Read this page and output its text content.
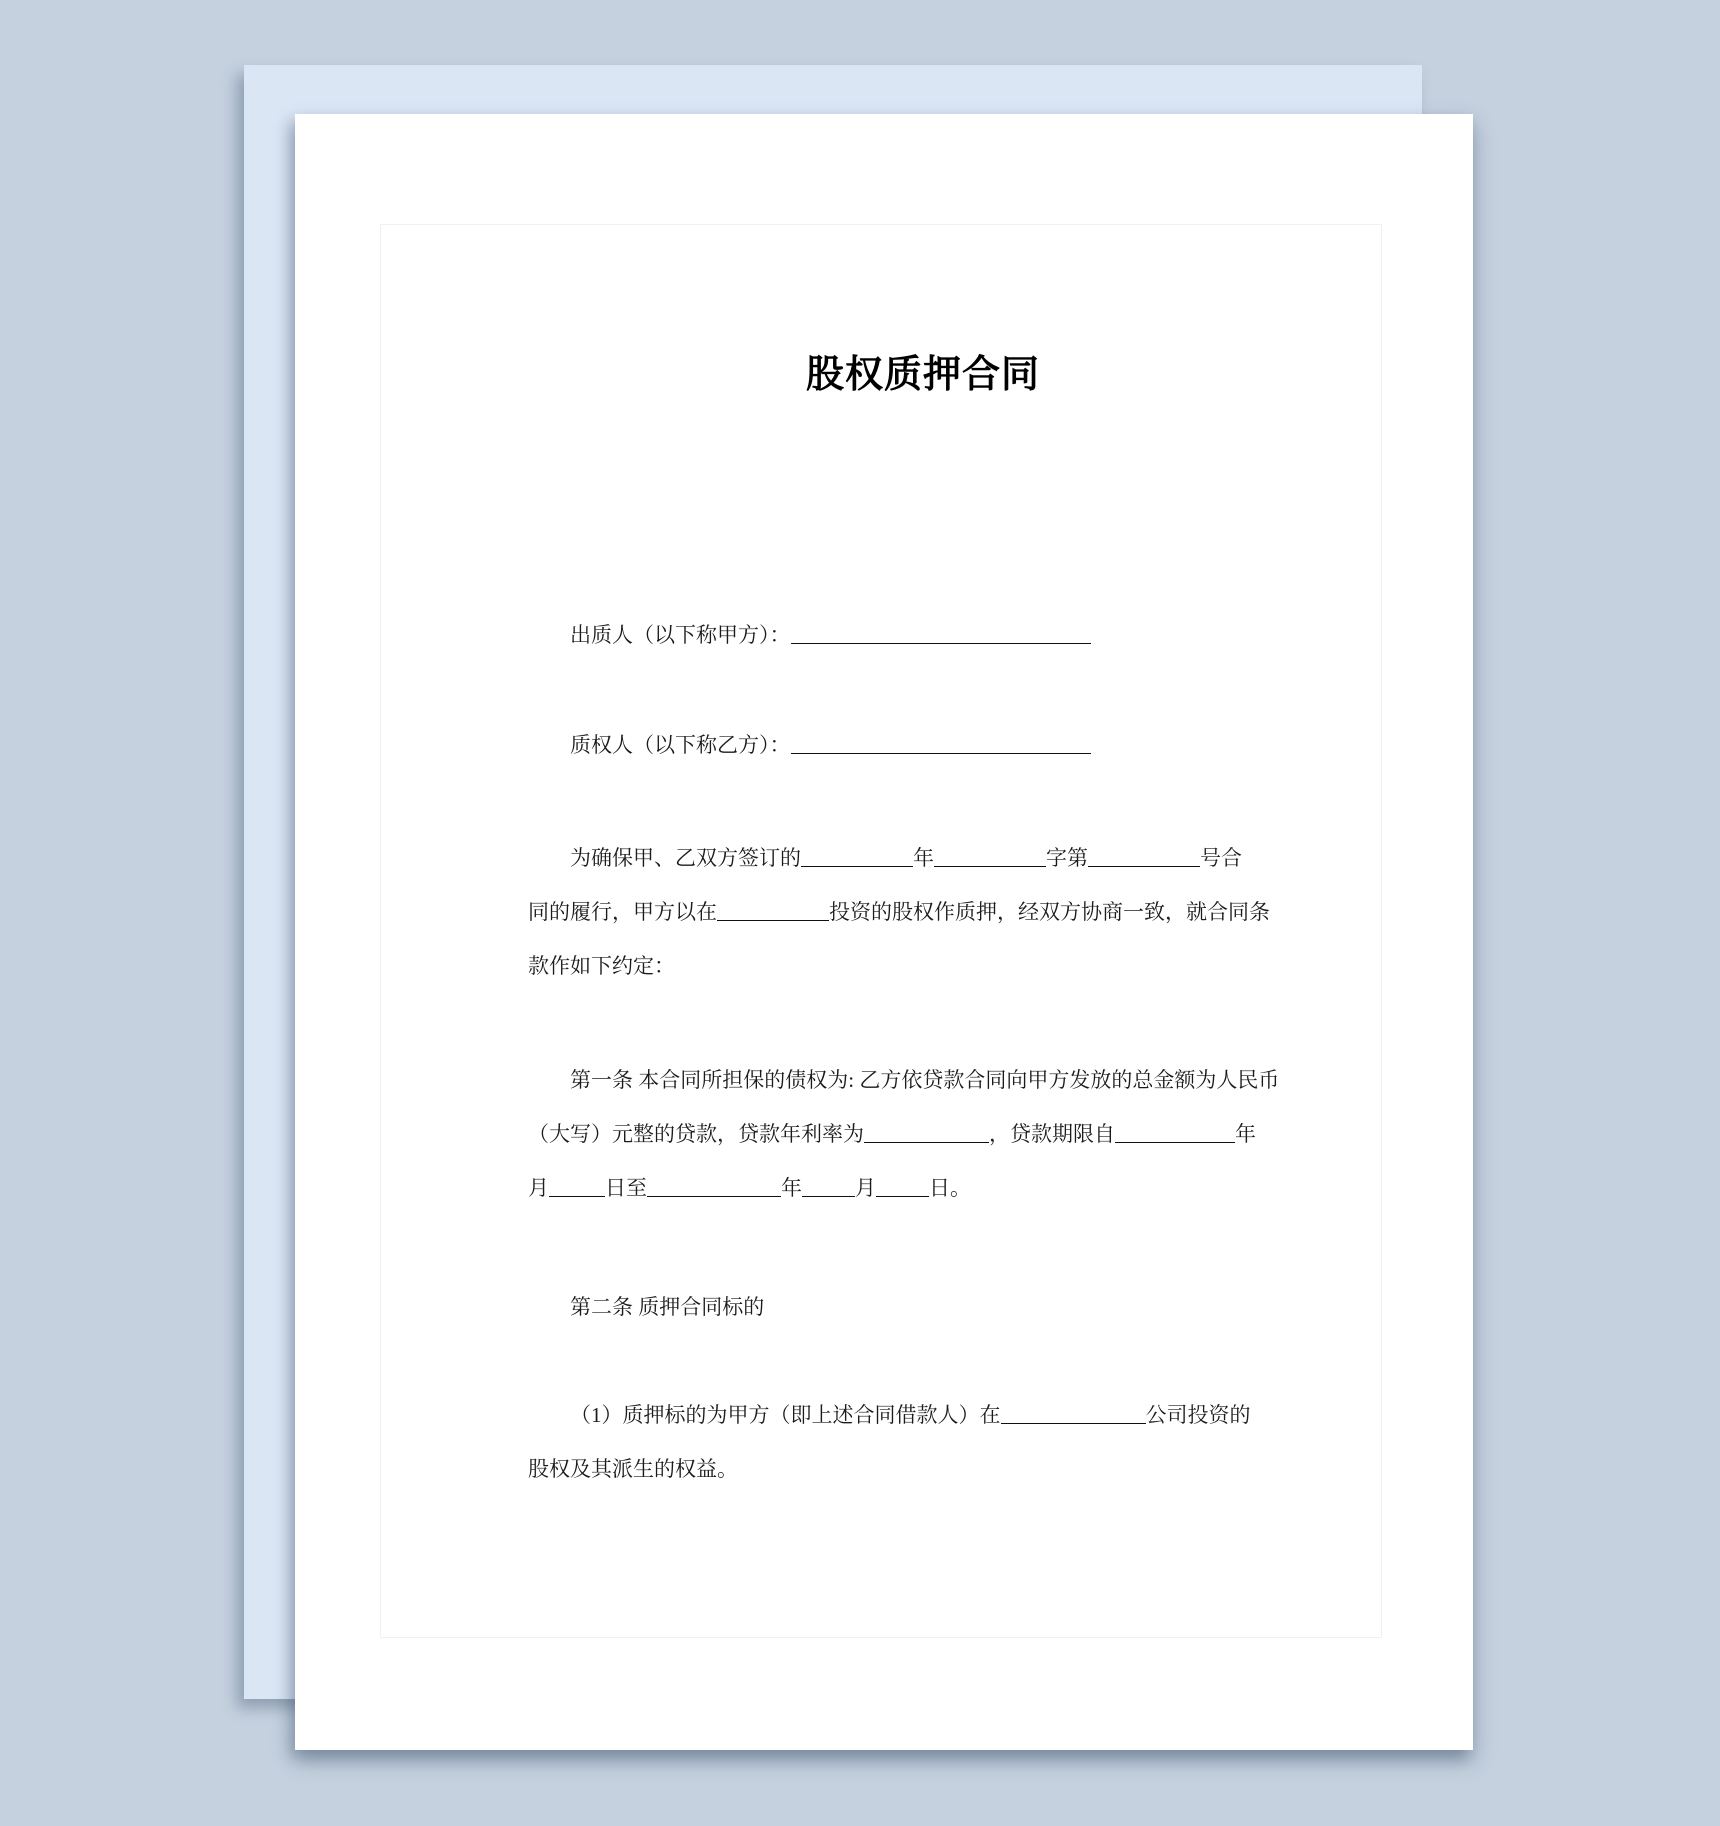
股权质押合同
出质人（以下称甲方）：
质权人（以下称乙方）：
为确保甲、乙双方签订的	年	字第	号合
同的履行，甲方以在	投资的股权作质押，经双方协商一致，就合同条
款作如下约定：
第一条 本合同所担保的债权为: 乙方依贷款合同向甲方发放的总金额为人民币
（大写）元整的贷款，贷款年利率为	，贷款期限自	年
月	日至	年	月	日。
第二条 质押合同标的
（1）质押标的为甲方（即上述合同借款人）在	公司投资的
股权及其派生的权益。
